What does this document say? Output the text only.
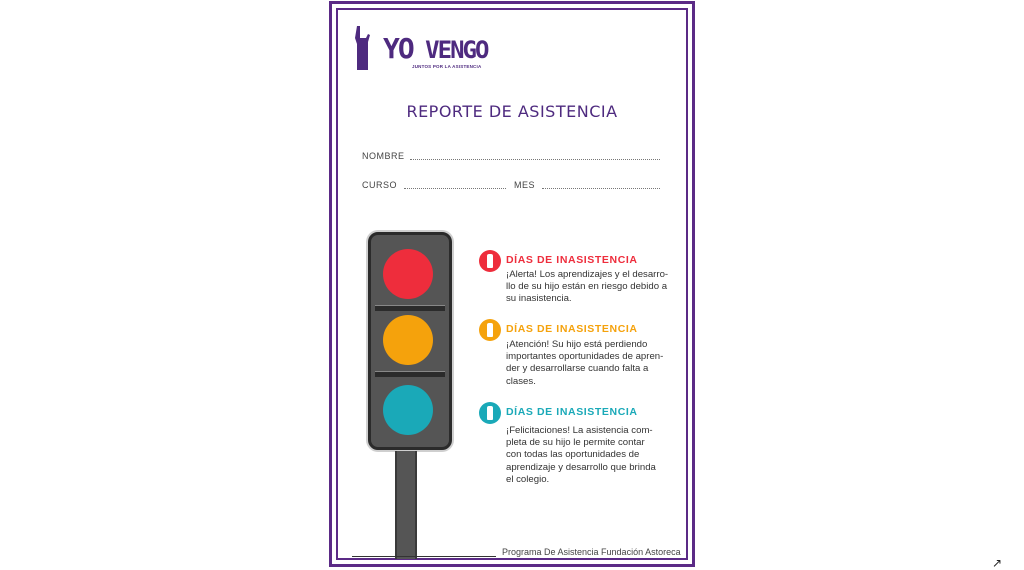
YO VENGO
JUNTOS POR LA ASISTENCIA
REPORTE DE ASISTENCIA
NOMBRE
CURSO	MES
DÍAS DE INASISTENCIA
¡Alerta! Los aprendizajes y el desarro-
llo de su hijo están en riesgo debido a
su inasistencia.
DÍAS DE INASISTENCIA
¡Atención! Su hijo está perdiendo
importantes oportunidades de apren-
der y desarrollarse cuando falta a
clases.
DÍAS DE INASISTENCIA
¡Felicitaciones! La asistencia com-
pleta de su hijo le permite contar
con todas las oportunidades de
aprendizaje y desarrollo que brinda
el colegio.
Programa De Asistencia Fundación Astoreca
↗
